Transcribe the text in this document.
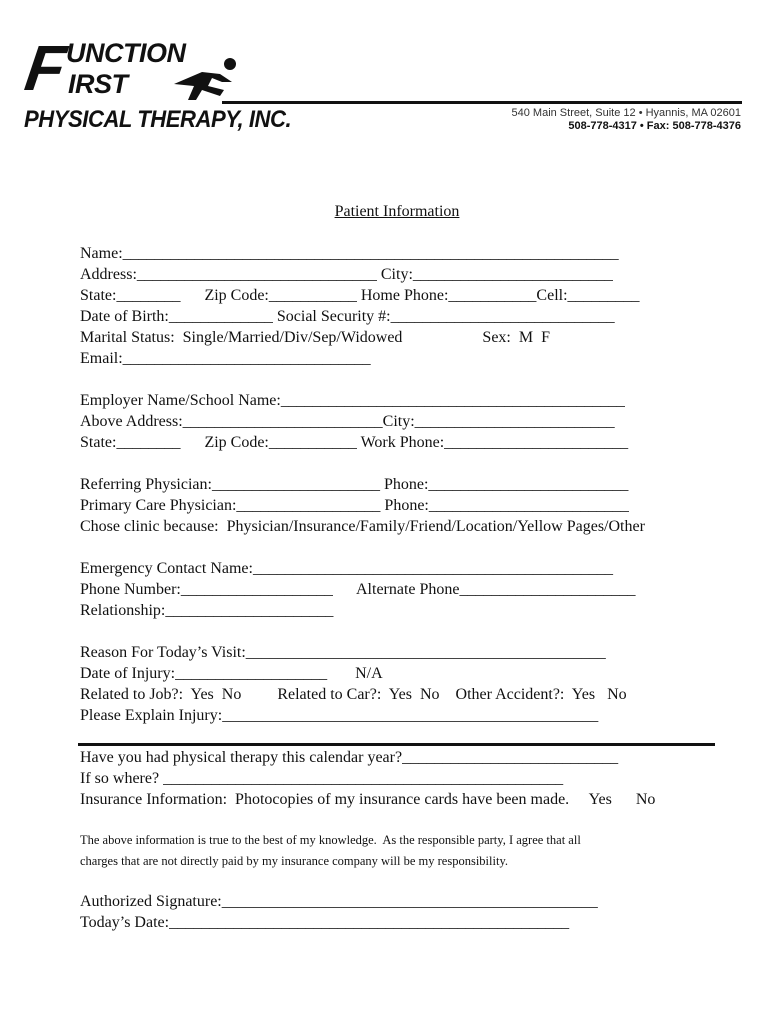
F
UNCTION
IRST
PHYSICAL THERAPY, INC.	540 Main Street, Suite 12 • Hyannis, MA 02601
508-778-4317 • Fax: 508-778-4376
Patient Information
Name:______________________________________________________________
Address:______________________________ City:_________________________
State:________      Zip Code:___________ Home Phone:___________Cell:_________
Date of Birth:_____________ Social Security #:____________________________
Marital Status:  Single/Married/Div/Sep/Widowed                    Sex:  M  F
Email:_______________________________
Employer Name/School Name:___________________________________________
Above Address:_________________________City:_________________________
State:________      Zip Code:___________ Work Phone:_______________________
Referring Physician:_____________________ Phone:_________________________
Primary Care Physician:__________________ Phone:_________________________
Chose clinic because:  Physician/Insurance/Family/Friend/Location/Yellow Pages/Other
Emergency Contact Name:_____________________________________________
Phone Number:___________________      Alternate Phone______________________
Relationship:_____________________
Reason For Today’s Visit:_____________________________________________
Date of Injury:___________________       N/A
Related to Job?:  Yes  No         Related to Car?:  Yes  No    Other Accident?:  Yes   No
Please Explain Injury:_______________________________________________
Have you had physical therapy this calendar year?___________________________
If so where? __________________________________________________
Insurance Information:  Photocopies of my insurance cards have been made.     Yes      No
The above information is true to the best of my knowledge.  As the responsible party, I agree that all
charges that are not directly paid by my insurance company will be my responsibility.
Authorized Signature:_______________________________________________
Today’s Date:__________________________________________________
